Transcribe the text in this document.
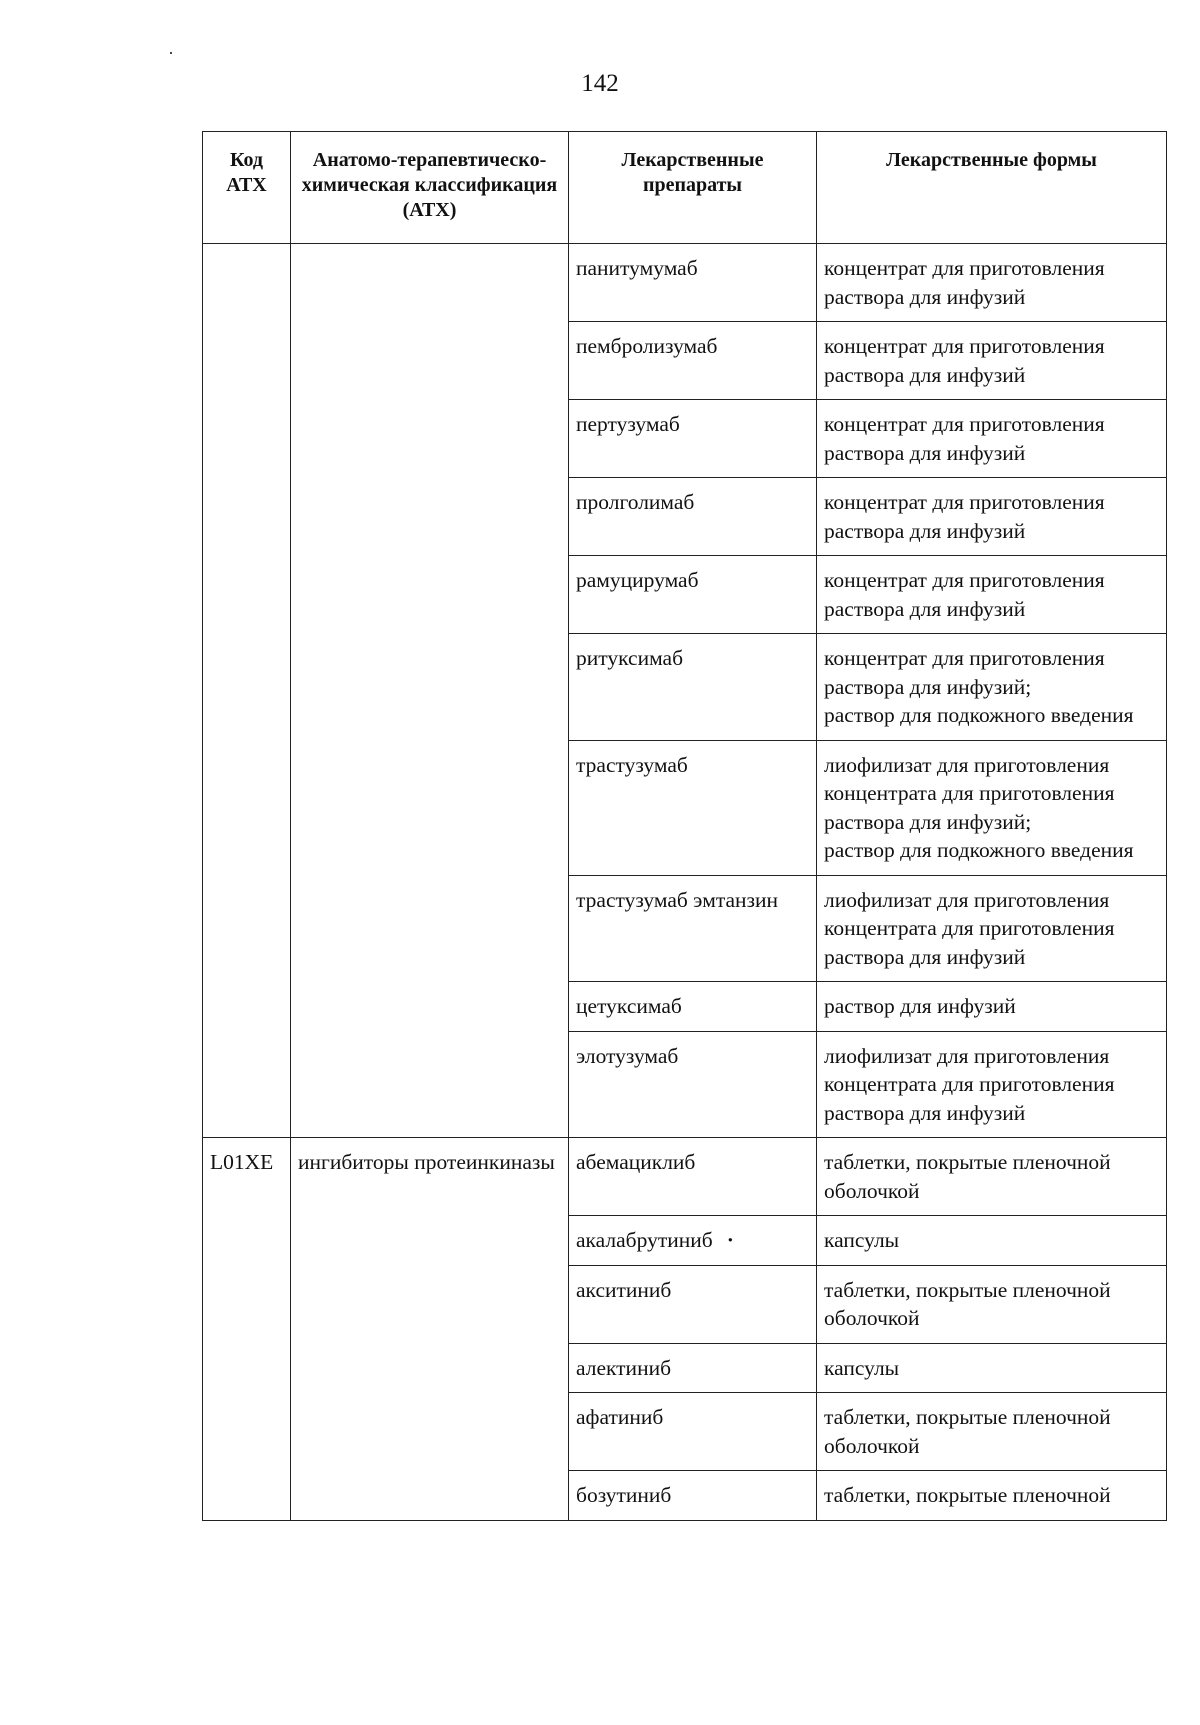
142
Код АТХ	Анатомо-терапевтическо-химическая классификация (АТХ)	Лекарственные препараты	Лекарственные формы
		панитумумаб	концентрат для приготовления раствора для инфузий
		пембролизумаб	концентрат для приготовления раствора для инфузий
		пертузумаб	концентрат для приготовления раствора для инфузий
		пролголимаб	концентрат для приготовления раствора для инфузий
		рамуцирумаб	концентрат для приготовления раствора для инфузий
		ритуксимаб	концентрат для приготовления раствора для инфузий;
раствор для подкожного введения
		трастузумаб	лиофилизат для приготовления концентрата для приготовления раствора для инфузий;
раствор для подкожного введения
		трастузумаб эмтанзин	лиофилизат для приготовления концентрата для приготовления раствора для инфузий
		цетуксимаб	раствор для инфузий
		элотузумаб	лиофилизат для приготовления концентрата для приготовления раствора для инфузий
L01XE	ингибиторы протеинкиназы	абемациклиб	таблетки, покрытые пленочной оболочкой
		акалабрутиниб ·	капсулы
		акситиниб	таблетки, покрытые пленочной оболочкой
		алектиниб	капсулы
		афатиниб	таблетки, покрытые пленочной оболочкой
		бозутиниб	таблетки, покрытые пленочной
